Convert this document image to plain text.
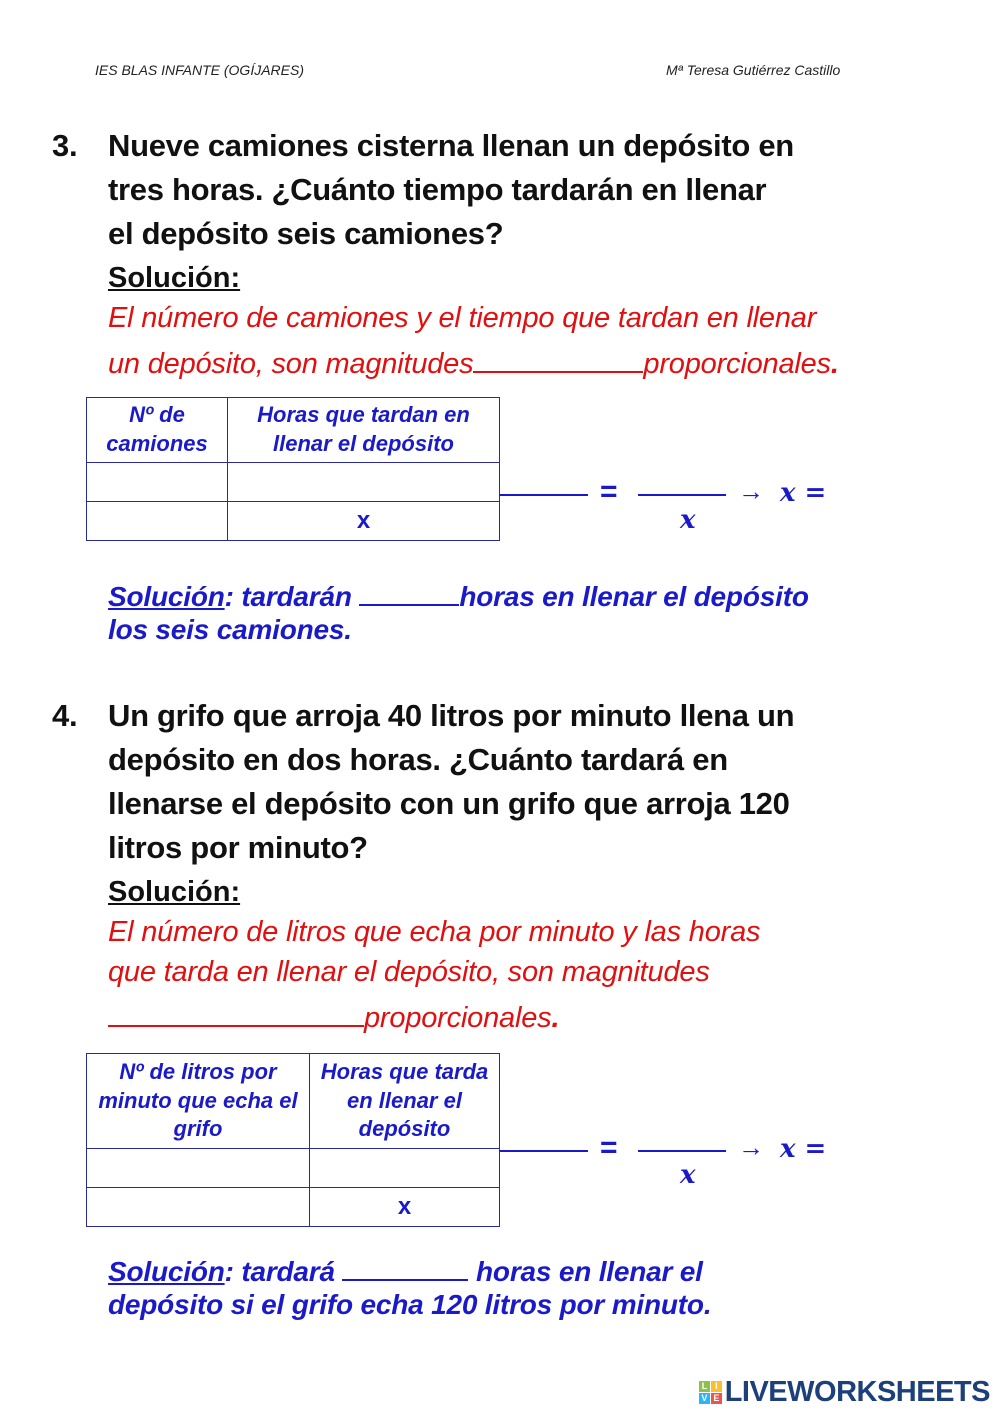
IES BLAS INFANTE (OGÍJARES)	Mª Teresa Gutiérrez Castillo
3. Nueve camiones cisterna llenan un depósito en
tres horas. ¿Cuánto tiempo tardarán en llenar
el depósito seis camiones?
Solución:
El número de camiones y el tiempo que tardan en llenar
un depósito, son magnitudes	proporcionales.
Nº de camiones	Horas que tardan en llenar el depósito

	x
=
x
→ x =
Solución: tardarán	horas en llenar el depósito
los seis camiones.
4. Un grifo que arroja 40 litros por minuto llena un
depósito en dos horas. ¿Cuánto tardará en
llenarse el depósito con un grifo que arroja 120
litros por minuto?
Solución:
El número de litros que echa por minuto y las horas
que tarda en llenar el depósito, son magnitudes
proporcionales.
Nº de litros por minuto que echa el grifo	Horas que tarda en llenar el depósito

	x
=
x
→ x =
Solución: tardará	horas en llenar el
depósito si el grifo echa 120 litros por minuto.
L I
V E LIVEWORKSHEETS
